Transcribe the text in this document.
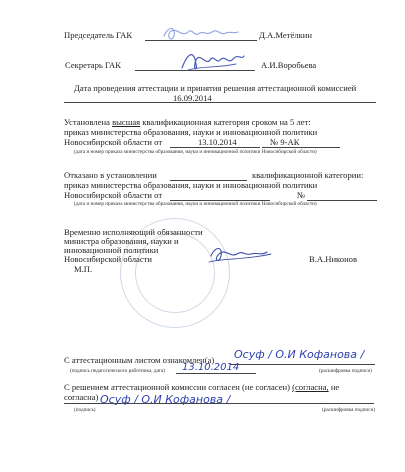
Председатель ГАК	Д.А.Метёлкин
Секретарь ГАК	А.И.Воробьева
Дата проведения аттестации и принятия решения аттестационной комиссией
16.09.2014
Установлена высшая квалификационная категория сроком на 5 лет:
приказ министерства образования, науки и инновационной политики
Новосибирской области от	13.10.2014	№ 9-АК
(дата и номер приказа министерства образования, науки и инновационной политики Новосибирской области)
Отказано в установлении	квалификационной категории:
приказ министерства образования, науки и инновационной политики
Новосибирской области от	№
(дата и номер приказа министерства образования, науки и инновационной политики Новосибирской области)
Временно исполняющий обязанности
министра образования, науки и
инновационной политики
Новосибирской области	В.А.Никонов
М.П.
С аттестационным листом ознакомлен(а) Осуф / О.И Кофанова /
(подпись педагогического работника, дата) 13.10.2014	(расшифровка подписи)
С решением аттестационной комиссии согласен (не согласен) (согласна, не
согласна) Осуф / О.И Кофанова /
(подпись)	(расшифровка подписи)
